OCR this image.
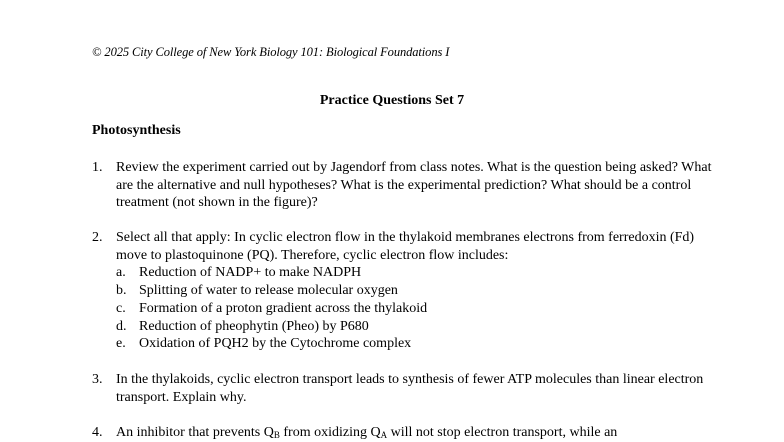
© 2025 City College of New York Biology 101: Biological Foundations I
Practice Questions Set 7
Photosynthesis
1. Review the experiment carried out by Jagendorf from class notes. What is the question being asked? What are the alternative and null hypotheses? What is the experimental prediction? What should be a control treatment (not shown in the figure)?
2. Select all that apply: In cyclic electron flow in the thylakoid membranes electrons from ferredoxin (Fd) move to plastoquinone (PQ). Therefore, cyclic electron flow includes:
a. Reduction of NADP+ to make NADPH
b. Splitting of water to release molecular oxygen
c. Formation of a proton gradient across the thylakoid
d. Reduction of pheophytin (Pheo) by P680
e. Oxidation of PQH2 by the Cytochrome complex
3. In the thylakoids, cyclic electron transport leads to synthesis of fewer ATP molecules than linear electron transport. Explain why.
4. An inhibitor that prevents $Q_B$ from oxidizing $Q_A$ will not stop electron transport, while an
